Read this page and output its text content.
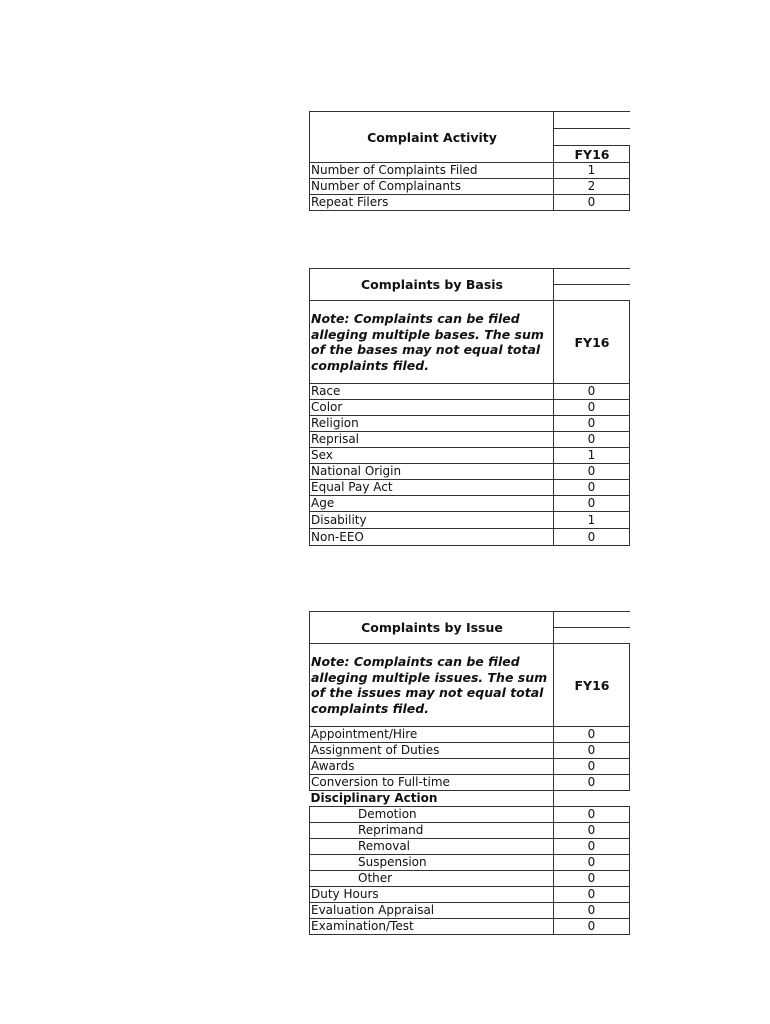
Complaint Activity	

	FY16
Number of Complaints Filed	1
Number of Complainants	2
Repeat Filers	0
Complaints by Basis	

Note: Complaints can be filed alleging multiple bases. The sum of the bases may not equal total complaints filed.	FY16
Race	0
Color	0
Religion	0
Reprisal	0
Sex	1
National Origin	0
Equal Pay Act	0
Age	0
Disability	1
Non-EEO	0
Complaints by Issue	

Note: Complaints can be filed alleging multiple issues. The sum of the issues may not equal total complaints filed.	FY16
Appointment/Hire	0
Assignment of Duties	0
Awards	0
Conversion to Full-time	0
Disciplinary Action	
Demotion	0
Reprimand	0
Removal	0
Suspension	0
Other	0
Duty Hours	0
Evaluation Appraisal	0
Examination/Test	0
